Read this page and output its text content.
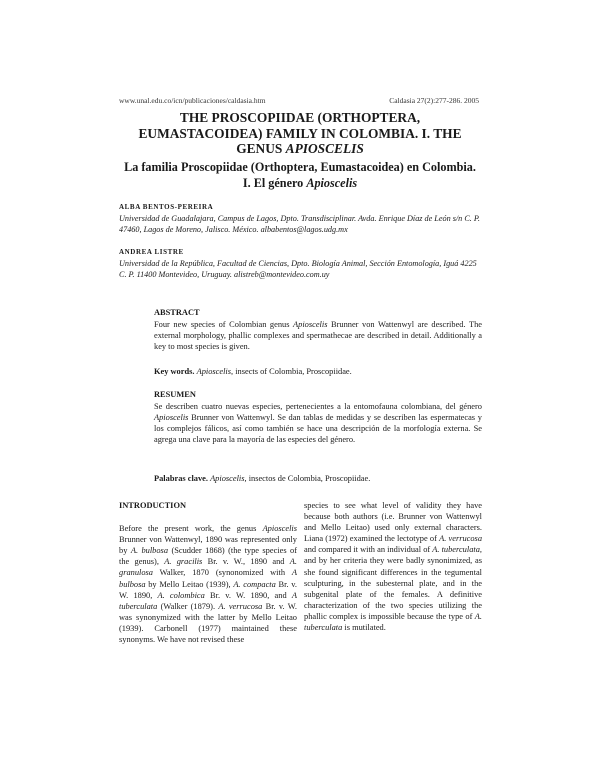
www.unal.edu.co/icn/publicaciones/caldasia.htm	Caldasia 27(2):277-286. 2005
THE PROSCOPIIDAE (ORTHOPTERA,
EUMASTACOIDEA) FAMILY IN COLOMBIA. I. THE
GENUS APIOSCELIS
La familia Proscopiidae (Orthoptera, Eumastacoidea) en Colombia.
I. El género Apioscelis
ALBA BENTOS-PEREIRA
Universidad de Guadalajara, Campus de Lagos, Dpto. Transdisciplinar. Avda. Enrique Díaz de León s/n C. P. 47460, Lagos de Moreno, Jalisco. México. albabentos@lagos.udg.mx
ANDREA LISTRE
Universidad de la República, Facultad de Ciencias, Dpto. Biología Animal, Sección Entomología, Iguá 4225 C. P. 11400 Montevideo, Uruguay. alistreb@montevideo.com.uy
ABSTRACT
Four new species of Colombian genus Apioscelis Brunner von Wattenwyl are described. The external morphology, phallic complexes and spermathecae are described in detail. Additionally a key to most species is given.
Key words. Apioscelis, insects of Colombia, Proscopiidae.
RESUMEN
Se describen cuatro nuevas especies, pertenecientes a la entomofauna colombiana, del género Apioscelis Brunner von Wattenwyl. Se dan tablas de medidas y se describen las espermatecas y los complejos fálicos, así como también se hace una descripción de la morfología externa. Se agrega una clave para la mayoría de las especies del género.
Palabras clave. Apioscelis, insectos de Colombia, Proscopiidae.
INTRODUCTION
Before the present work, the genus Apioscelis Brunner von Wattenwyl, 1890 was represented only by A. bulbosa (Scudder 1868) (the type species of the genus), A. gracilis Br. v. W., 1890 and A. granulosa Walker, 1870 (synonomized with A bulbosa by Mello Leitao (1939), A. compacta Br. v. W. 1890, A. colombica Br. v. W. 1890, and A tuberculata (Walker (1879). A. verrucosa Br. v. W. was synonymized with the latter by Mello Leitao (1939). Carbonell (1977) maintained these synonyms. We have not revised these
species to see what level of validity they have because both authors (i.e. Brunner von Wattenwyl and Mello Leitao) used only external characters. Liana (1972) examined the lectotype of A. verrucosa and compared it with an individual of A. tuberculata, and by her criteria they were badly synonimized, as she found significant differences in the tegumental sculpturing, in the subesternal plate, and in the subgenital plate of the females. A definitive characterization of the two species utilizing the phallic complex is impossible because the type of A. tuberculata is mutilated.
